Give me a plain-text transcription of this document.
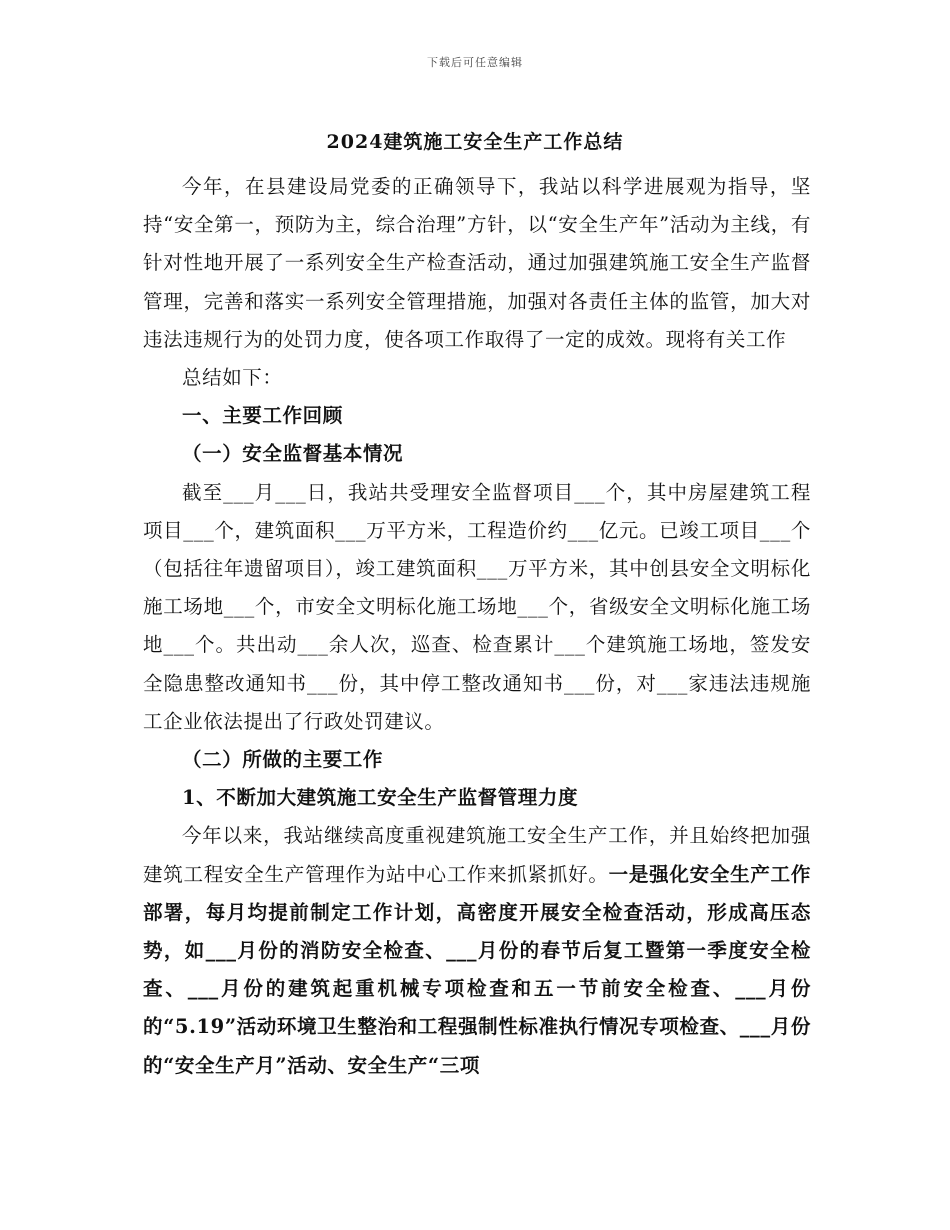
下载后可任意编辑
2024建筑施工安全生产工作总结

今年，在县建设局党委的正确领导下，我站以科学进展观为指导，坚持“安全第一，预防为主，综合治理”方针，以“安全生产年”活动为主线，有针对性地开展了一系列安全生产检查活动，通过加强建筑施工安全生产监督管理，完善和落实一系列安全管理措施，加强对各责任主体的监管，加大对违法违规行为的处罚力度，使各项工作取得了一定的成效。现将有关工作

总结如下：

一、主要工作回顾

（一）安全监督基本情况

截至___月___日，我站共受理安全监督项目___个，其中房屋建筑工程项目___个，建筑面积___万平方米，工程造价约___亿元。已竣工项目___个（包括往年遗留项目），竣工建筑面积___万平方米，其中创县安全文明标化施工场地___个，市安全文明标化施工场地___个，省级安全文明标化施工场地___个。共出动___余人次，巡查、检查累计___个建筑施工场地，签发安全隐患整改通知书___份，其中停工整改通知书___份，对___家违法违规施工企业依法提出了行政处罚建议。

（二）所做的主要工作

1、不断加大建筑施工安全生产监督管理力度

今年以来，我站继续高度重视建筑施工安全生产工作，并且始终把加强建筑工程安全生产管理作为站中心工作来抓紧抓好。一是强化安全生产工作部署，每月均提前制定工作计划，高密度开展安全检查活动，形成高压态势，如___月份的消防安全检查、___月份的春节后复工暨第一季度安全检查、___月份的建筑起重机械专项检查和五一节前安全检查、___月份的“5.19”活动环境卫生整治和工程强制性标准执行情况专项检查、___月份的“安全生产月”活动、安全生产“三项
